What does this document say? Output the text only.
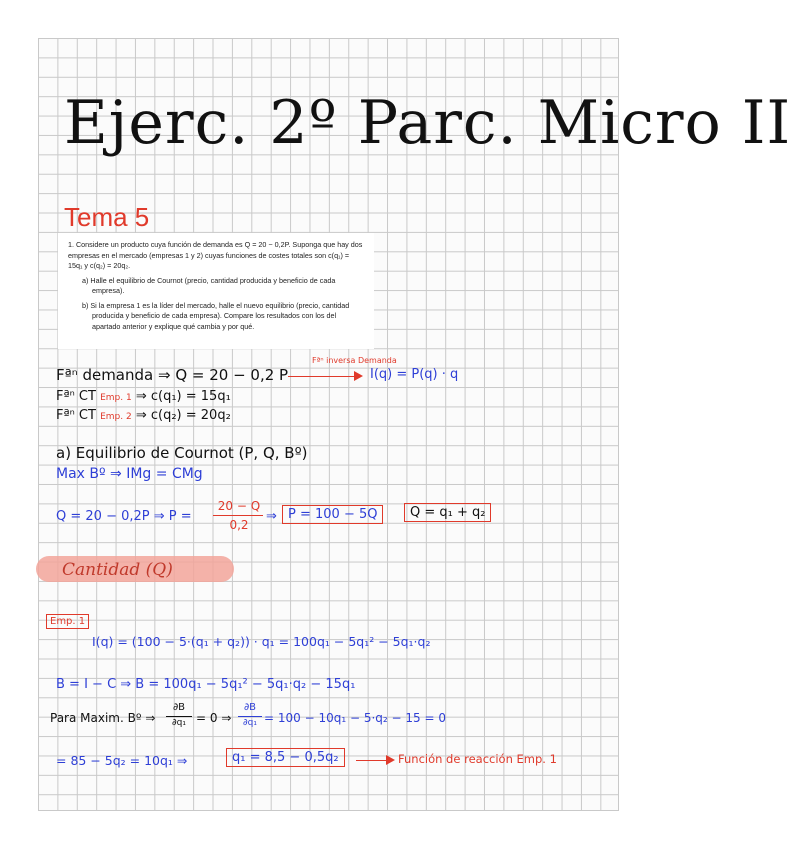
Ejerc. 2º Parc. Micro II
Tema 5

1. Considere un producto cuya función de demanda es Q = 20 − 0,2P. Suponga que hay dos empresas en el mercado (empresas 1 y 2) cuyas funciones de costes totales son c(q₁) = 15q₁ y c(q₂) = 20q₂.

a) Halle el equilibrio de Cournot (precio, cantidad producida y beneficio de cada empresa).

b) Si la empresa 1 es la líder del mercado, halle el nuevo equilibrio (precio, cantidad producida y beneficio de cada empresa). Compare los resultados con los del apartado anterior y explique qué cambia y por qué.

Fªⁿ demanda ⇒ Q = 20 − 0,2 P
Fªⁿ inversa Demanda
I(q) = P(q) · q
Fªⁿ CT Emp. 1 ⇒ c(q₁) = 15q₁
Fªⁿ CT Emp. 2 ⇒ c(q₂) = 20q₂
a) Equilibrio de Cournot (P, Q, Bº)
Max Bº ⇒ IMg = CMg
Q = 20 − 0,2P ⇒ P =
20 − Q
0,2
⇒ P = 100 − 5Q	Q = q₁ + q₂
Cantidad (Q)
Emp. 1
I(q) = (100 − 5·(q₁ + q₂)) · q₁ = 100q₁ − 5q₁² − 5q₁·q₂
B = I − C ⇒ B = 100q₁ − 5q₁² − 5q₁·q₂ − 15q₁
Para Maxim. Bº ⇒
∂B
∂q₁ = 0 ⇒
∂B
∂q₁ = 100 − 10q₁ − 5·q₂ − 15 = 0
= 85 − 5q₂ = 10q₁ ⇒	q₁ = 8,5 − 0,5q₂	Función de reacción Emp. 1
